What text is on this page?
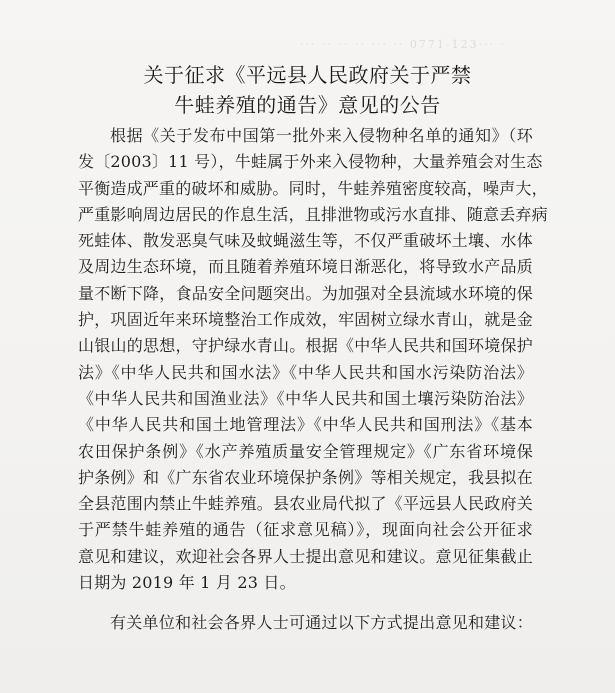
··· ·· ·· ·· ··· ·· 0771-123··· ·
关于征求《平远县人民政府关于严禁
牛蛙养殖的通告》意见的公告
根据《关于发布中国第一批外来入侵物种名单的通知》（环
发〔2003〕11 号），牛蛙属于外来入侵物种，大量养殖会对生态
平衡造成严重的破坏和威胁。同时，牛蛙养殖密度较高，噪声大，
严重影响周边居民的作息生活，且排泄物或污水直排、随意丢弃病
死蛙体、散发恶臭气味及蚊蝇滋生等，不仅严重破坏土壤、水体
及周边生态环境，而且随着养殖环境日渐恶化，将导致水产品质
量不断下降，食品安全问题突出。为加强对全县流域水环境的保
护，巩固近年来环境整治工作成效，牢固树立绿水青山，就是金
山银山的思想，守护绿水青山。根据《中华人民共和国环境保护
法》《中华人民共和国水法》《中华人民共和国水污染防治法》
《中华人民共和国渔业法》《中华人民共和国土壤污染防治法》
《中华人民共和国土地管理法》《中华人民共和国刑法》《基本
农田保护条例》《水产养殖质量安全管理规定》《广东省环境保
护条例》和《广东省农业环境保护条例》等相关规定，我县拟在
全县范围内禁止牛蛙养殖。县农业局代拟了《平远县人民政府关
于严禁牛蛙养殖的通告（征求意见稿）》，现面向社会公开征求
意见和建议，欢迎社会各界人士提出意见和建议。意见征集截止
日期为 2019 年 1 月 23 日。
有关单位和社会各界人士可通过以下方式提出意见和建议：
